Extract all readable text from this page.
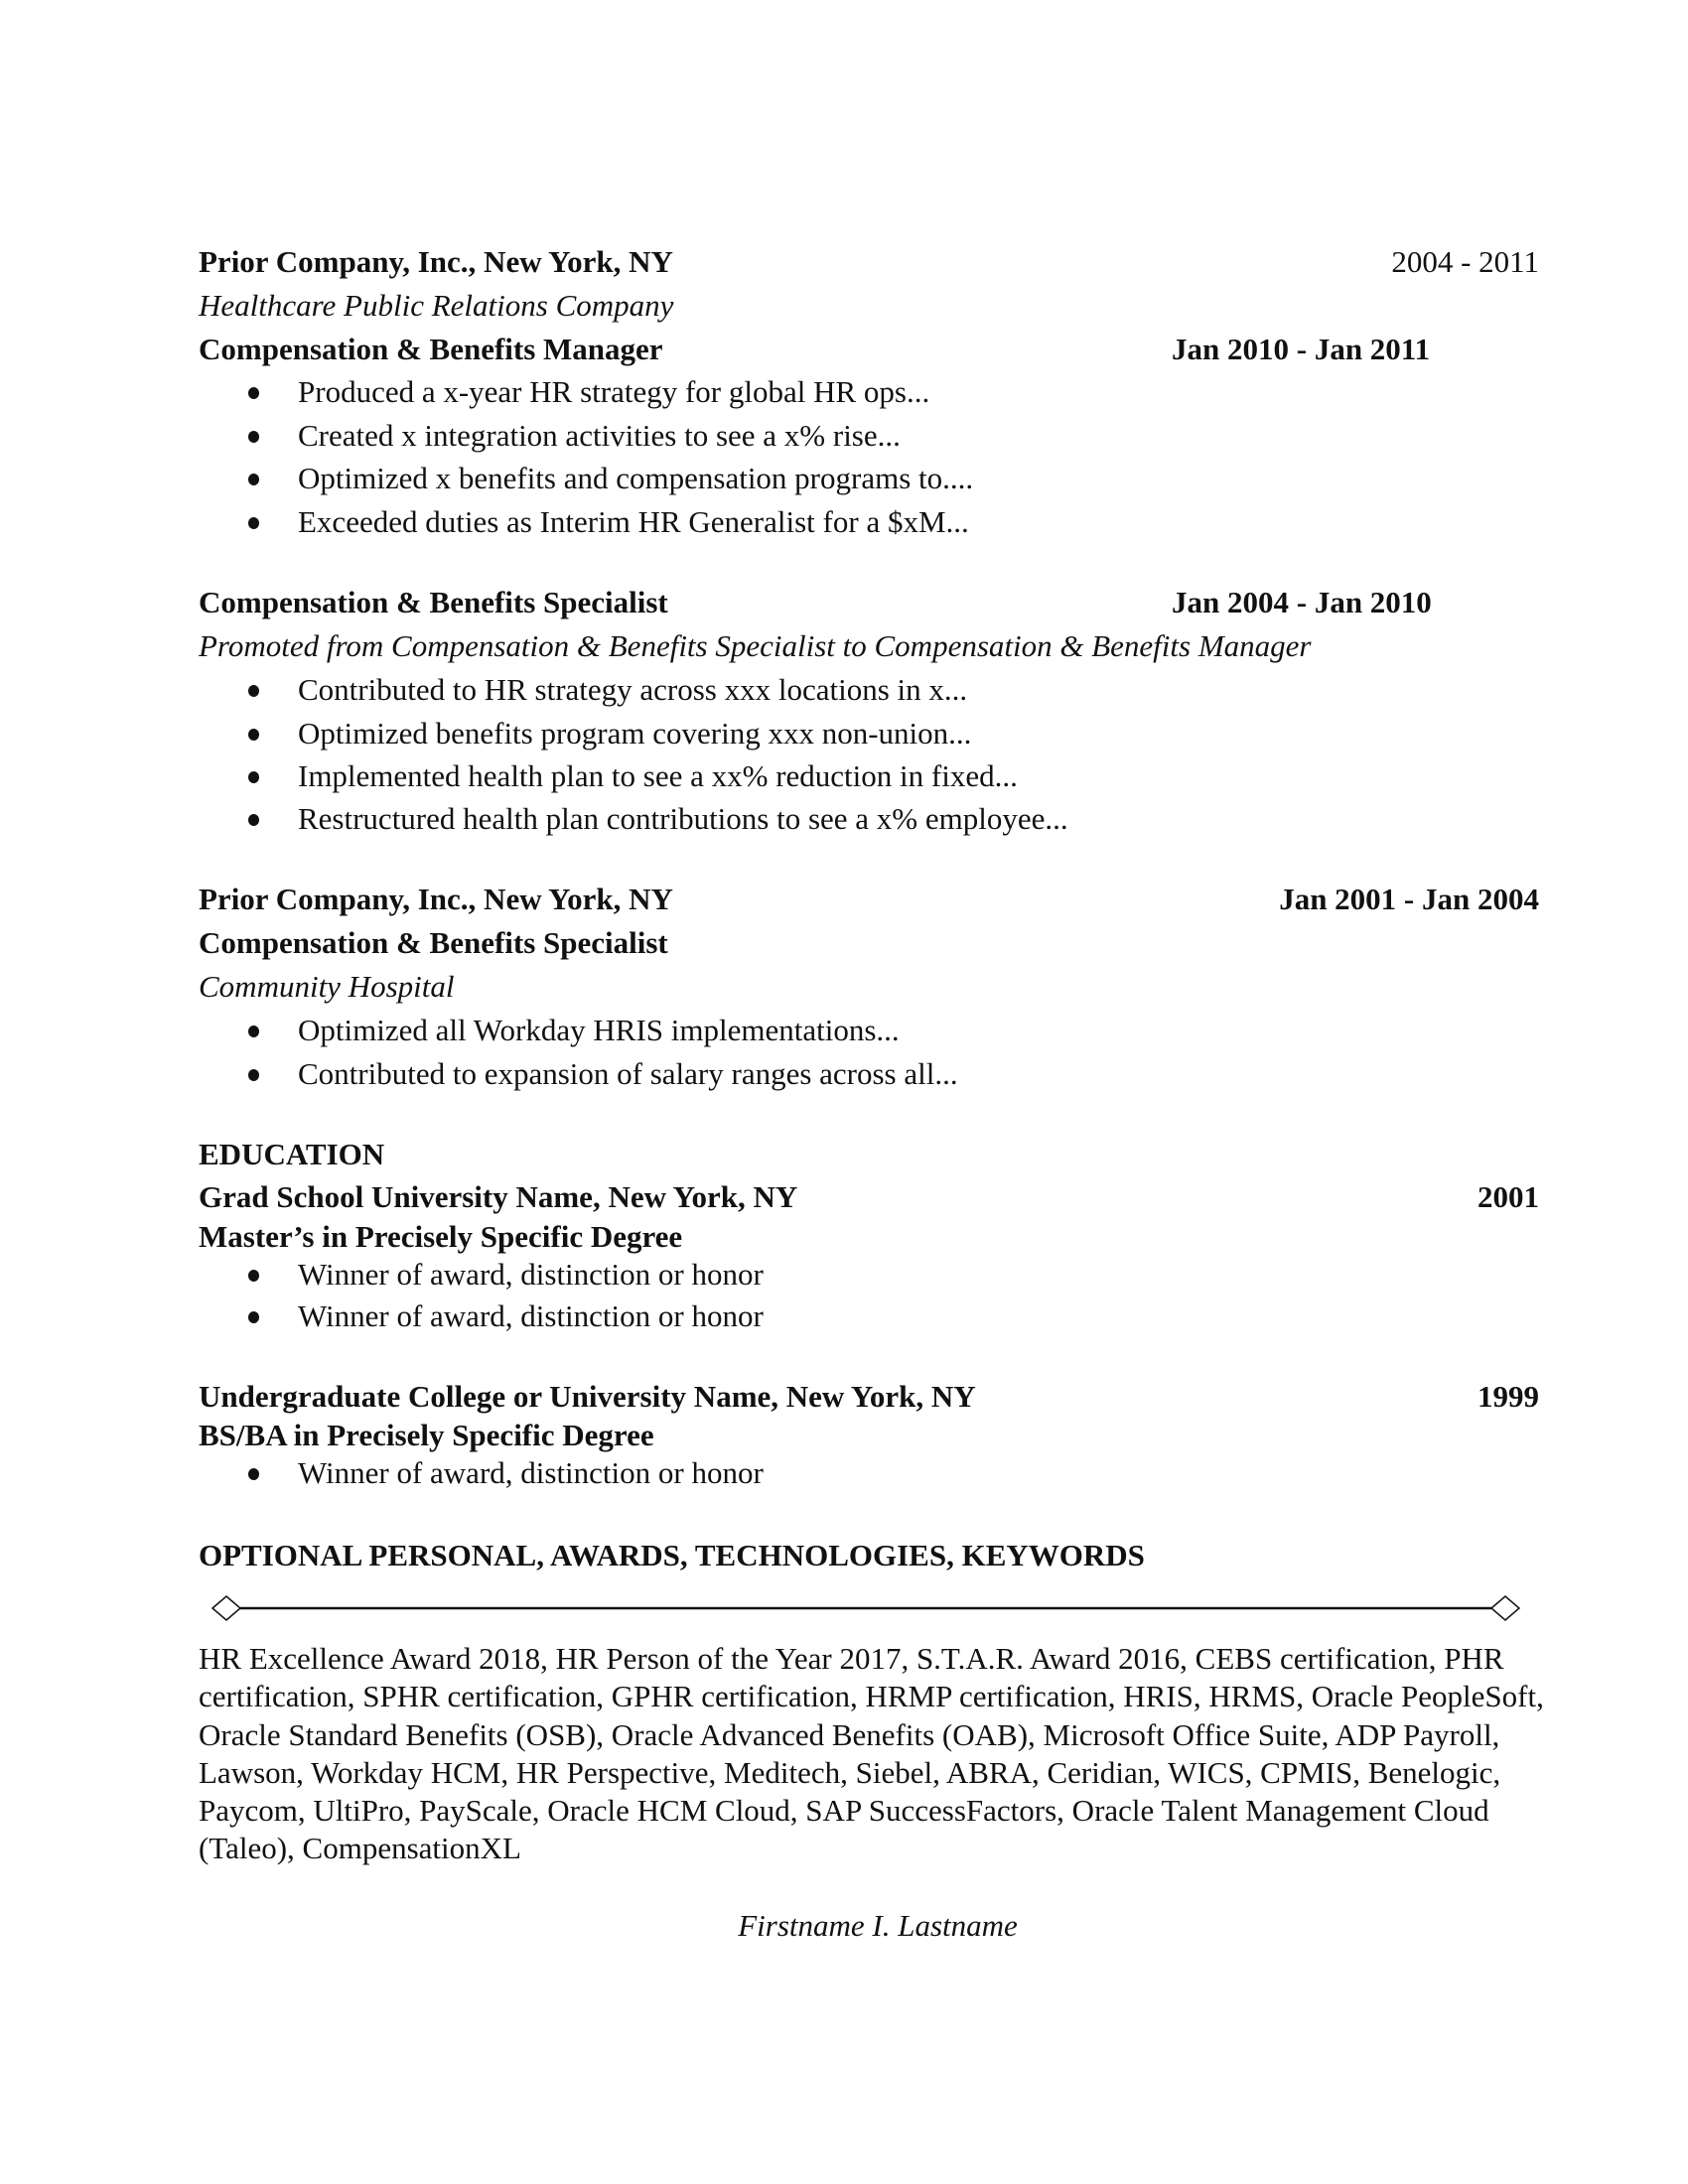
Prior Company, Inc., New York, NY	2004 - 2011
Healthcare Public Relations Company
Compensation & Benefits Manager	Jan 2010 - Jan 2011
Produced a x-year HR strategy for global HR ops...
Created x integration activities to see a x% rise...
Optimized x benefits and compensation programs to....
Exceeded duties as Interim HR Generalist for a $xM...
Compensation & Benefits Specialist	Jan 2004 - Jan 2010
Promoted from Compensation & Benefits Specialist to Compensation & Benefits Manager
Contributed to HR strategy across xxx locations in x...
Optimized benefits program covering xxx non-union...
Implemented health plan to see a xx% reduction in fixed...
Restructured health plan contributions to see a x% employee...
Prior Company, Inc., New York, NY	Jan 2001 - Jan 2004
Compensation & Benefits Specialist
Community Hospital
Optimized all Workday HRIS implementations...
Contributed to expansion of salary ranges across all...
EDUCATION
Grad School University Name, New York, NY	2001
Master’s in Precisely Specific Degree
Winner of award, distinction or honor
Winner of award, distinction or honor
Undergraduate College or University Name, New York, NY	1999
BS/BA in Precisely Specific Degree
Winner of award, distinction or honor
OPTIONAL PERSONAL, AWARDS, TECHNOLOGIES, KEYWORDS
HR Excellence Award 2018, HR Person of the Year 2017, S.T.A.R. Award 2016, CEBS certification, PHR certification, SPHR certification, GPHR certification, HRMP certification, HRIS, HRMS, Oracle PeopleSoft, Oracle Standard Benefits (OSB), Oracle Advanced Benefits (OAB), Microsoft Office Suite, ADP Payroll, Lawson, Workday HCM, HR Perspective, Meditech, Siebel, ABRA, Ceridian, WICS, CPMIS, Benelogic, Paycom, UltiPro, PayScale, Oracle HCM Cloud, SAP SuccessFactors, Oracle Talent Management Cloud (Taleo), CompensationXL
Firstname I. Lastname
